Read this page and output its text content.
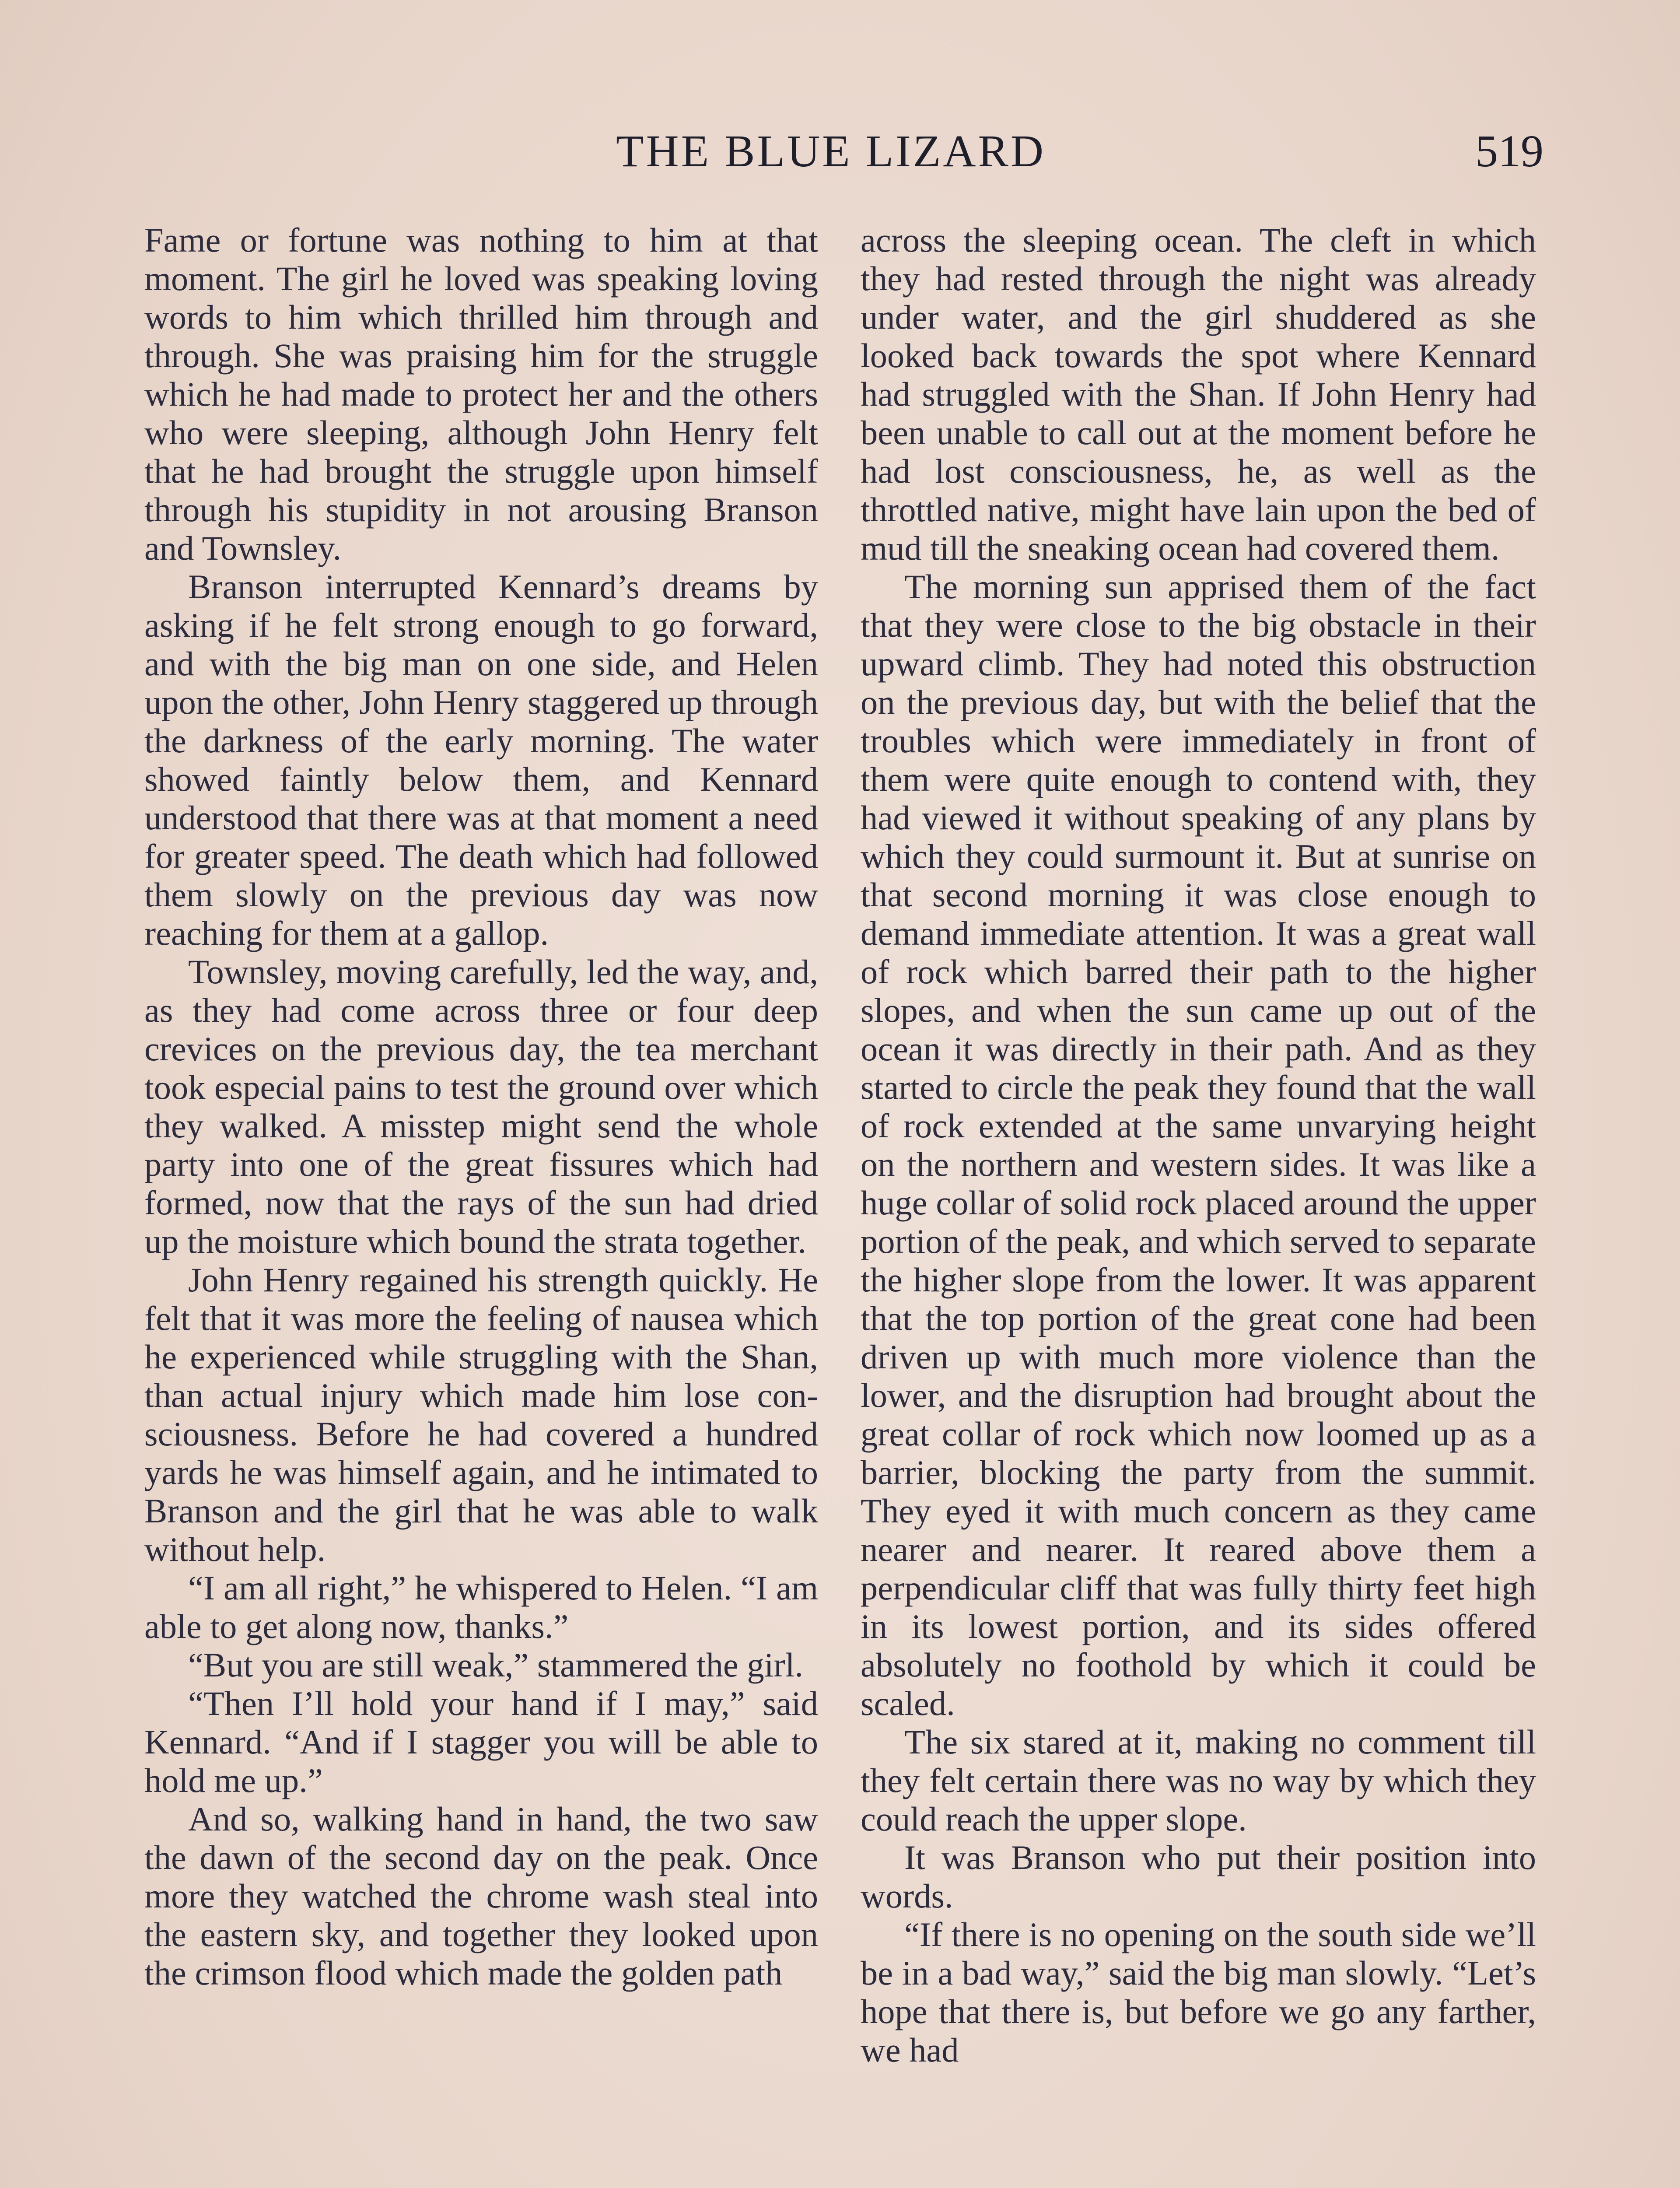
THE BLUE LIZARD	519

Fame or fortune was nothing to him at that moment. The girl he loved was speaking loving words to him which thrilled him through and through. She was praising him for the struggle which he had made to protect her and the others who were sleeping, although John Henry felt that he had brought the struggle upon himself through his stupidity in not arousing Branson and Townsley.

Branson interrupted Kennard’s dreams by asking if he felt strong enough to go forward, and with the big man on one side, and Helen upon the other, John Henry staggered up through the darkness of the early morning. The water showed faintly below them, and Kennard understood that there was at that moment a need for greater speed. The death which had followed them slowly on the previous day was now reaching for them at a gallop.

Townsley, moving carefully, led the way, and, as they had come across three or four deep crevices on the previous day, the tea merchant took especial pains to test the ground over which they walked. A misstep might send the whole party into one of the great fissures which had formed, now that the rays of the sun had dried up the moisture which bound the strata together.

John Henry regained his strength quickly. He felt that it was more the feeling of nausea which he experienced while struggling with the Shan, than actual injury which made him lose consciousness. Before he had covered a hundred yards he was himself again, and he intimated to Branson and the girl that he was able to walk without help.

“I am all right,” he whispered to Helen. “I am able to get along now, thanks.”

“But you are still weak,” stammered the girl.

“Then I’ll hold your hand if I may,” said Kennard. “And if I stagger you will be able to hold me up.”

And so, walking hand in hand, the two saw the dawn of the second day on the peak. Once more they watched the chrome wash steal into the eastern sky, and together they looked upon the crimson flood which made the golden path

across the sleeping ocean. The cleft in which they had rested through the night was already under water, and the girl shuddered as she looked back towards the spot where Kennard had struggled with the Shan. If John Henry had been unable to call out at the moment before he had lost consciousness, he, as well as the throttled native, might have lain upon the bed of mud till the sneaking ocean had covered them.

The morning sun apprised them of the fact that they were close to the big obstacle in their upward climb. They had noted this obstruction on the previous day, but with the belief that the troubles which were immediately in front of them were quite enough to contend with, they had viewed it without speaking of any plans by which they could surmount it. But at sunrise on that second morning it was close enough to demand immediate attention. It was a great wall of rock which barred their path to the higher slopes, and when the sun came up out of the ocean it was directly in their path. And as they started to circle the peak they found that the wall of rock extended at the same unvarying height on the northern and western sides. It was like a huge collar of solid rock placed around the upper portion of the peak, and which served to separate the higher slope from the lower. It was apparent that the top portion of the great cone had been driven up with much more violence than the lower, and the disruption had brought about the great collar of rock which now loomed up as a barrier, blocking the party from the summit. They eyed it with much concern as they came nearer and nearer. It reared above them a perpendicular cliff that was fully thirty feet high in its lowest portion, and its sides offered absolutely no foothold by which it could be scaled.

The six stared at it, making no comment till they felt certain there was no way by which they could reach the upper slope.

It was Branson who put their position into words.

“If there is no opening on the south side we’ll be in a bad way,” said the big man slowly. “Let’s hope that there is, but before we go any farther, we had
